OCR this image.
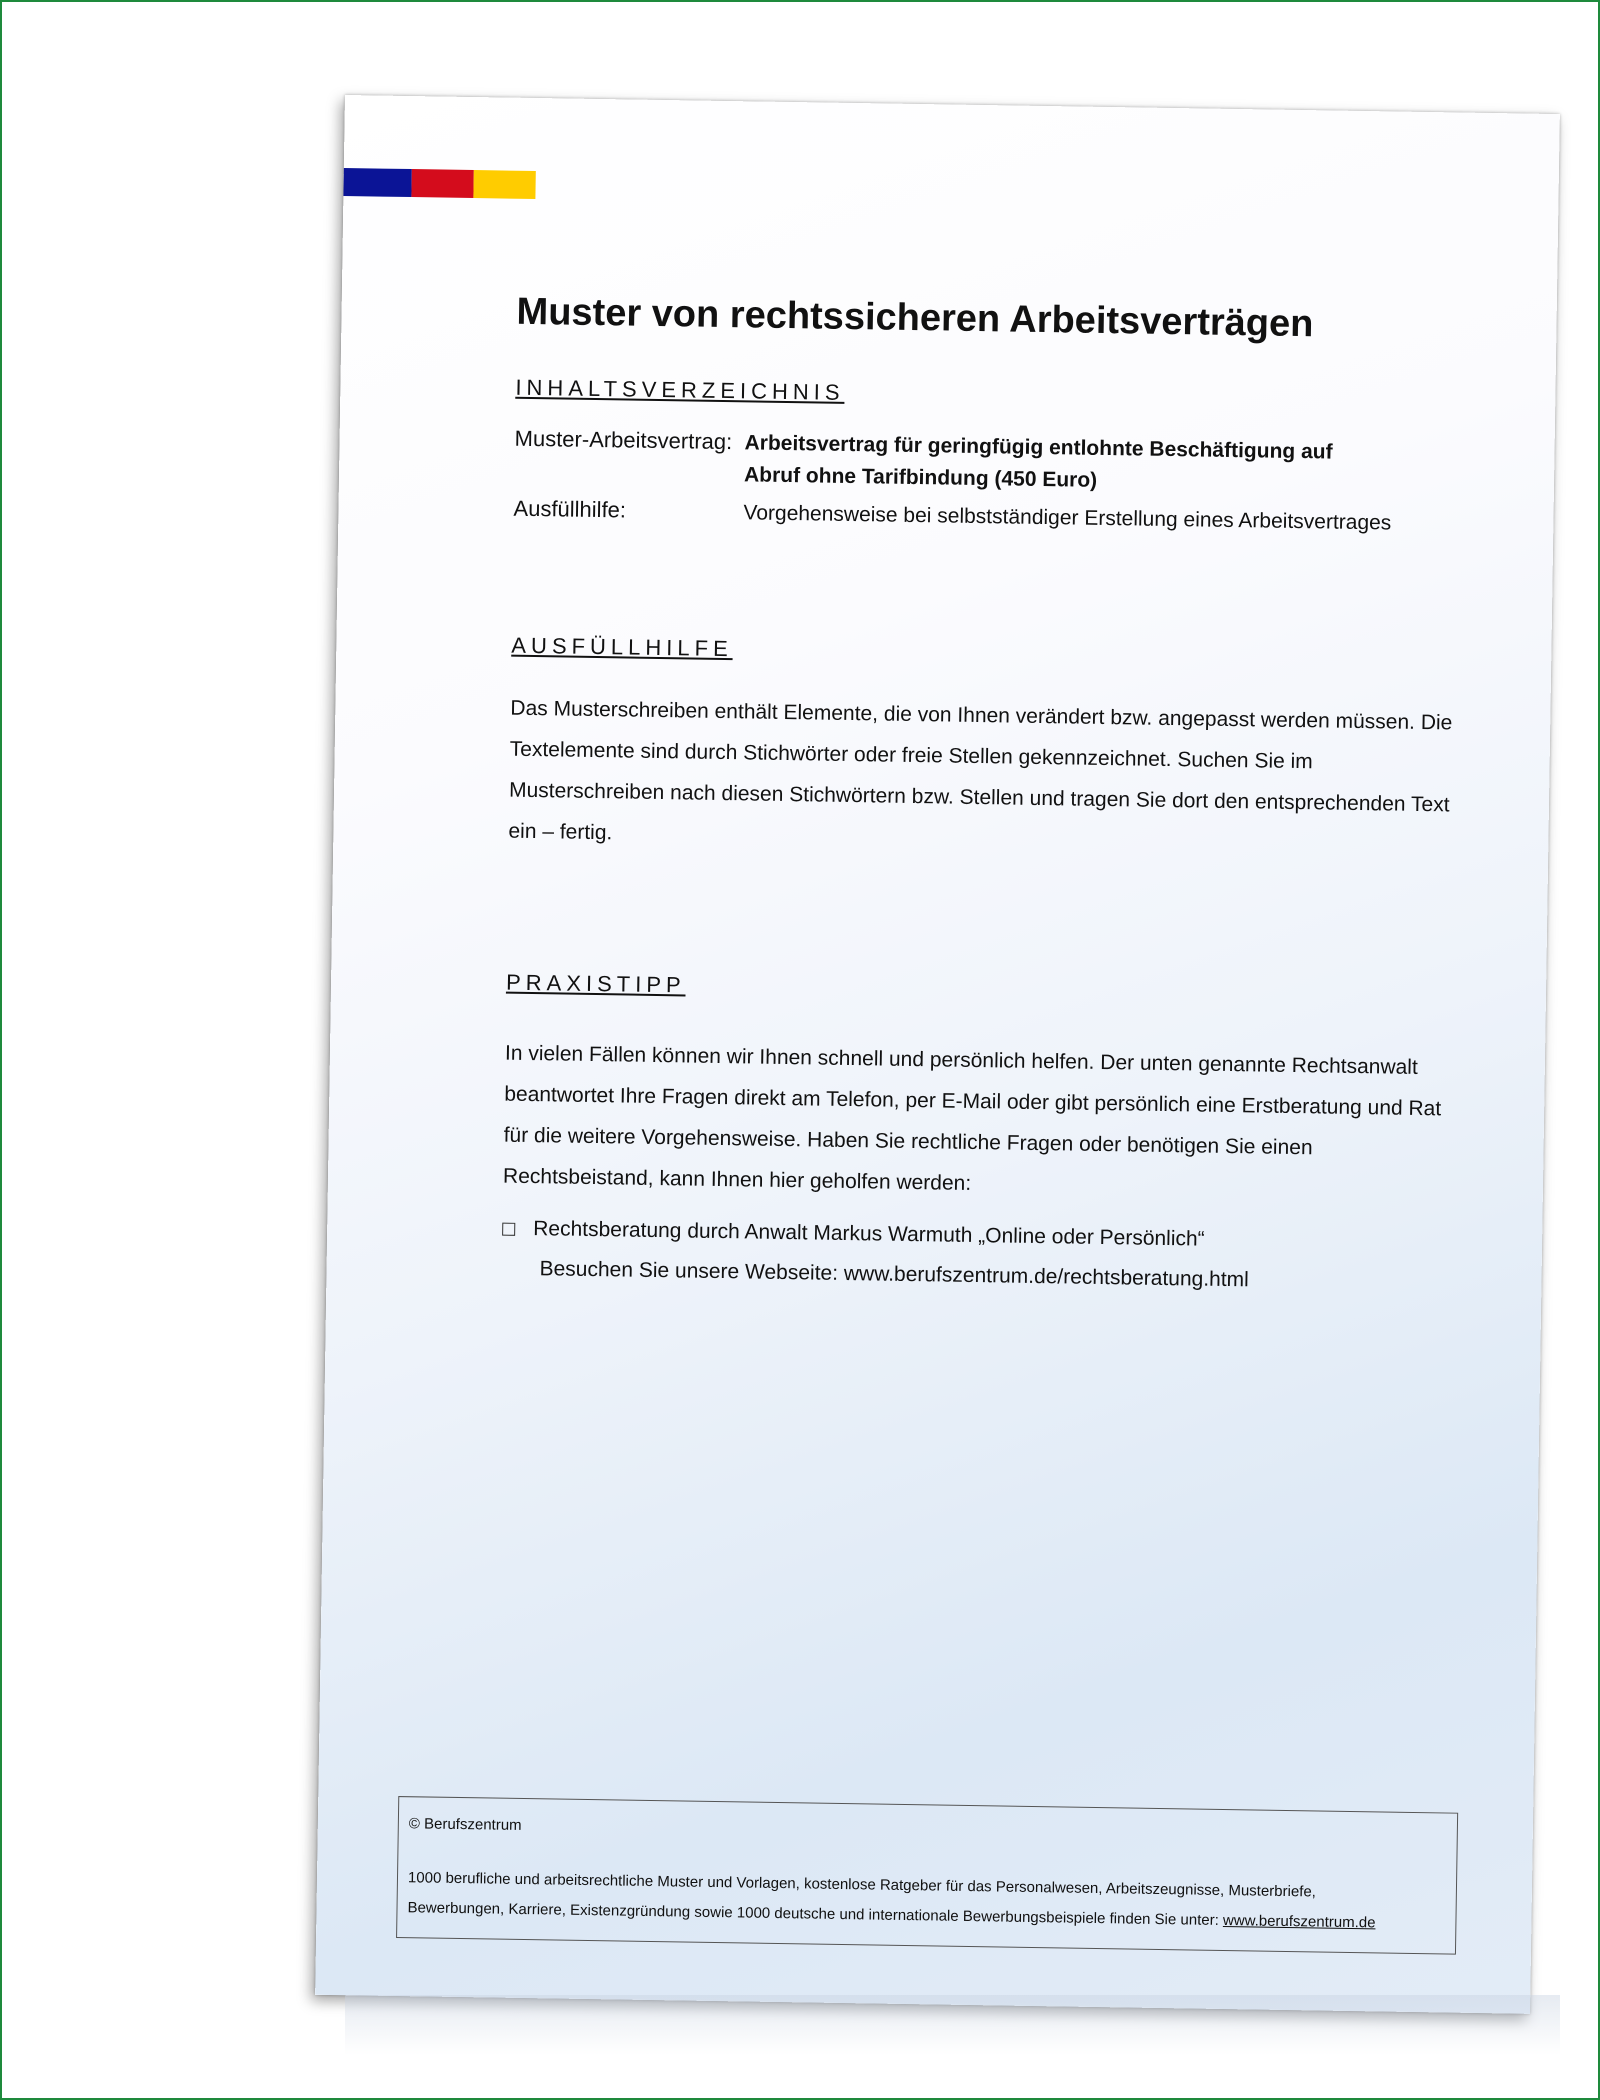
Muster von rechtssicheren Arbeitsverträgen
INHALTSVERZEICHNIS
Muster-Arbeitsvertrag: Arbeitsvertrag für geringfügig entlohnte Beschäftigung auf
Abruf ohne Tarifbindung (450 Euro)
Ausfüllhilfe:	Vorgehensweise bei selbstständiger Erstellung eines Arbeitsvertrages
AUSFÜLLHILFE
Das Musterschreiben enthält Elemente, die von Ihnen verändert bzw. angepasst werden müssen. Die Textelemente sind durch Stichwörter oder freie Stellen gekennzeichnet. Suchen Sie im Musterschreiben nach diesen Stichwörtern bzw. Stellen und tragen Sie dort den entsprechenden Text ein – fertig.
PRAXISTIPP
In vielen Fällen können wir Ihnen schnell und persönlich helfen. Der unten genannte Rechtsanwalt beantwortet Ihre Fragen direkt am Telefon, per E-Mail oder gibt persönlich eine Erstberatung und Rat für die weitere Vorgehensweise. Haben Sie rechtliche Fragen oder benötigen Sie einen Rechtsbeistand, kann Ihnen hier geholfen werden:
Rechtsberatung durch Anwalt Markus Warmuth „Online oder Persönlich“
Besuchen Sie unsere Webseite: www.berufszentrum.de/rechtsberatung.html
© Berufszentrum
1000 berufliche und arbeitsrechtliche Muster und Vorlagen, kostenlose Ratgeber für das Personalwesen, Arbeitszeugnisse, Musterbriefe,
Bewerbungen, Karriere, Existenzgründung sowie 1000 deutsche und internationale Bewerbungsbeispiele finden Sie unter: www.berufszentrum.de
